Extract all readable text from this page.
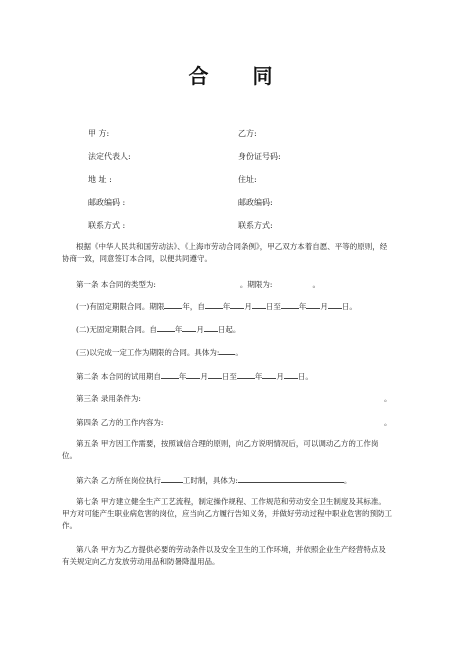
合 同
甲 方:	乙方:
法定代表人:	身份证号码:
地 址 :	住址:
邮政编码 :	邮政编码:
联系方式 :	联系方式:
根据《中华人民共和国劳动法》、《上海市劳动合同条例》，甲乙双方本着自愿、平等的原则，经协商一致，同意签订本合同，以便共同遵守。
第一条 本合同的类型为:	。期限为:	。
(一)有固定期限合同。期限 年，自 年 月 日至 年 月 日。
(二)无固定期限合同。自 年 月 日起。
(三)以完成一定工作为期限的合同。具体为: 。
第二条 本合同的试用期自 年 月 日至 年 月 日。
第三条 录用条件为:	。
第四条 乙方的工作内容为:	。
第五条 甲方因工作需要，按照诚信合理的原则，向乙方说明情况后，可以调动乙方的工作岗位。
第六条 乙方所在岗位执行	工时制，具体为:	。
第七条 甲方建立健全生产工艺流程，制定操作规程、工作规范和劳动安全卫生制度及其标准。甲方对可能产生职业病危害的岗位，应当向乙方履行告知义务，并做好劳动过程中职业危害的预防工作。
第八条 甲方为乙方提供必要的劳动条件以及安全卫生的工作环境，并依照企业生产经营特点及有关规定向乙方发放劳动用品和防暑降温用品。
